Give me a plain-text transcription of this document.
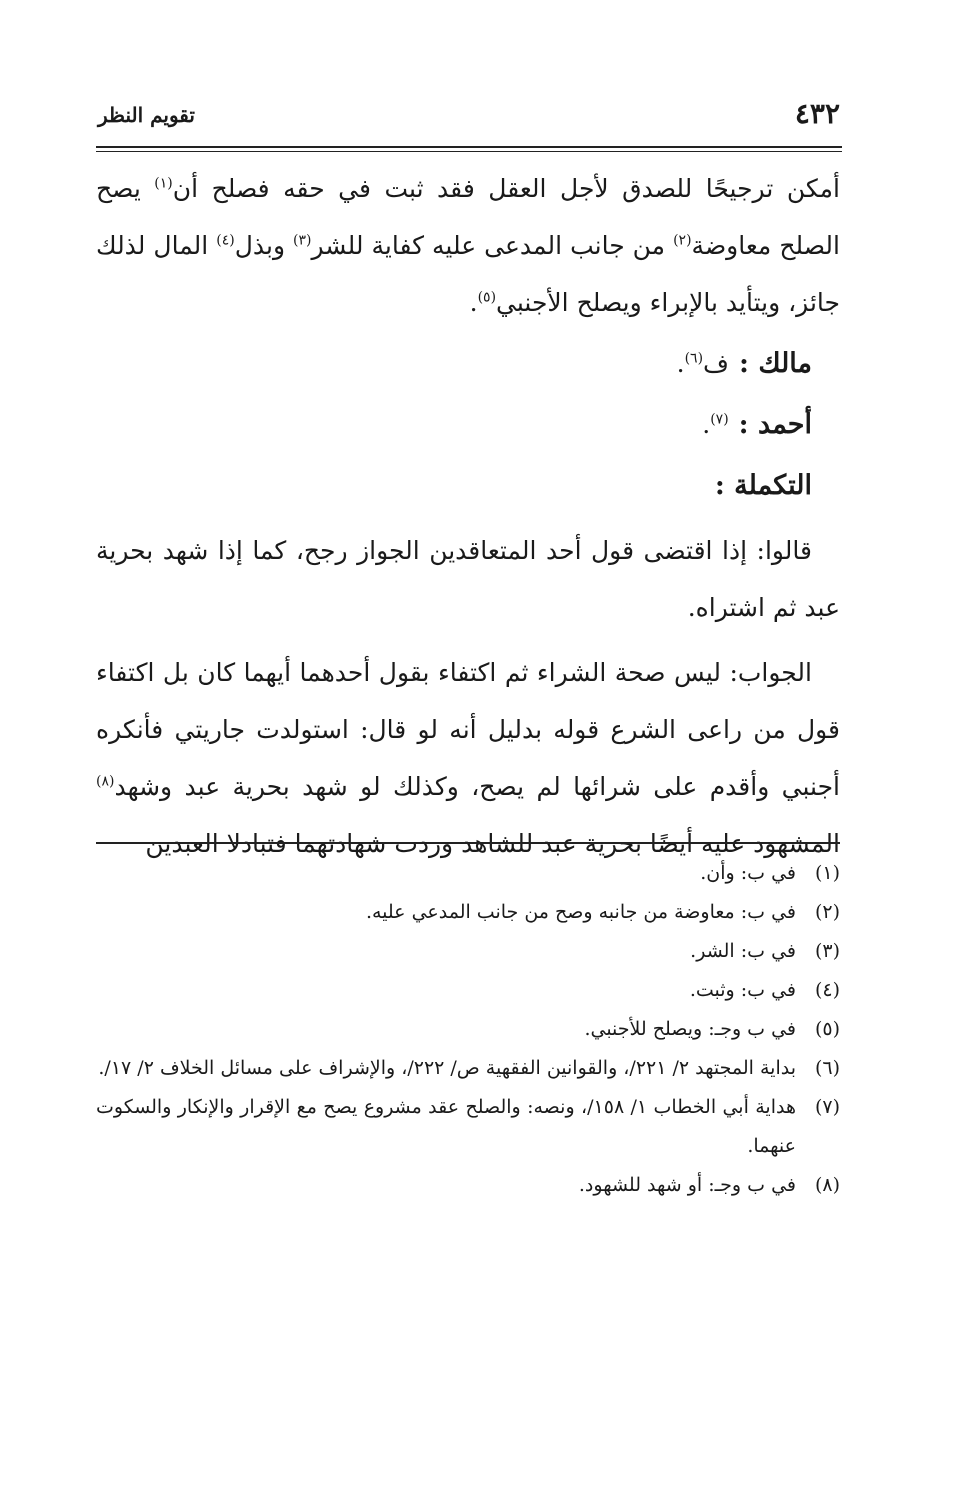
٤٣٢
تقويم النظر

أمكن ترجيحًا للصدق لأجل العقل فقد ثبت في حقه فصلح أن$^{(١)}$ يصح الصلح معاوضة$^{(٢)}$ من جانب المدعى عليه كفاية للشر$^{(٣)}$ وبذل$^{(٤)}$ المال لذلك جائز، ويتأيد بالإبراء ويصلح الأجنبي$^{(٥)}$.

مالك :ف$^{(٦)}$.

أحمد :$^{(٧)}$.

التكملة :

قالوا: إذا اقتضى قول أحد المتعاقدين الجواز رجح، كما إذا شهد بحرية عبد ثم اشتراه.

الجواب: ليس صحة الشراء ثم اكتفاء بقول أحدهما أيهما كان بل اكتفاء قول من راعى الشرع قوله بدليل أنه لو قال: استولدت جاريتي فأنكره أجنبي وأقدم على شرائها لم يصح، وكذلك لو شهد بحرية عبد وشهد$^{(٨)}$ المشهود عليه أيضًا بحرية عبد للشاهد وردت شهادتهما فتبادلا العبدين

(١)
في ب: وأن.
(٢)
في ب: معاوضة من جانبه وصح من جانب المدعي عليه.
(٣)
في ب: الشر.
(٤)
في ب: وثبت.
(٥)
في ب وجـ: ويصلح للأجنبي.
(٦)
بداية المجتهد ٢/ ٢٢١/، والقوانين الفقهية ص/ ٢٢٢/، والإشراف على مسائل الخلاف ٢/ ١٧/.
(٧)
هداية أبي الخطاب ١/ ١٥٨/، ونصه: والصلح عقد مشروع يصح مع الإقرار والإنكار والسكوت عنهما.
(٨)
في ب وجـ: أو شهد للشهود.
